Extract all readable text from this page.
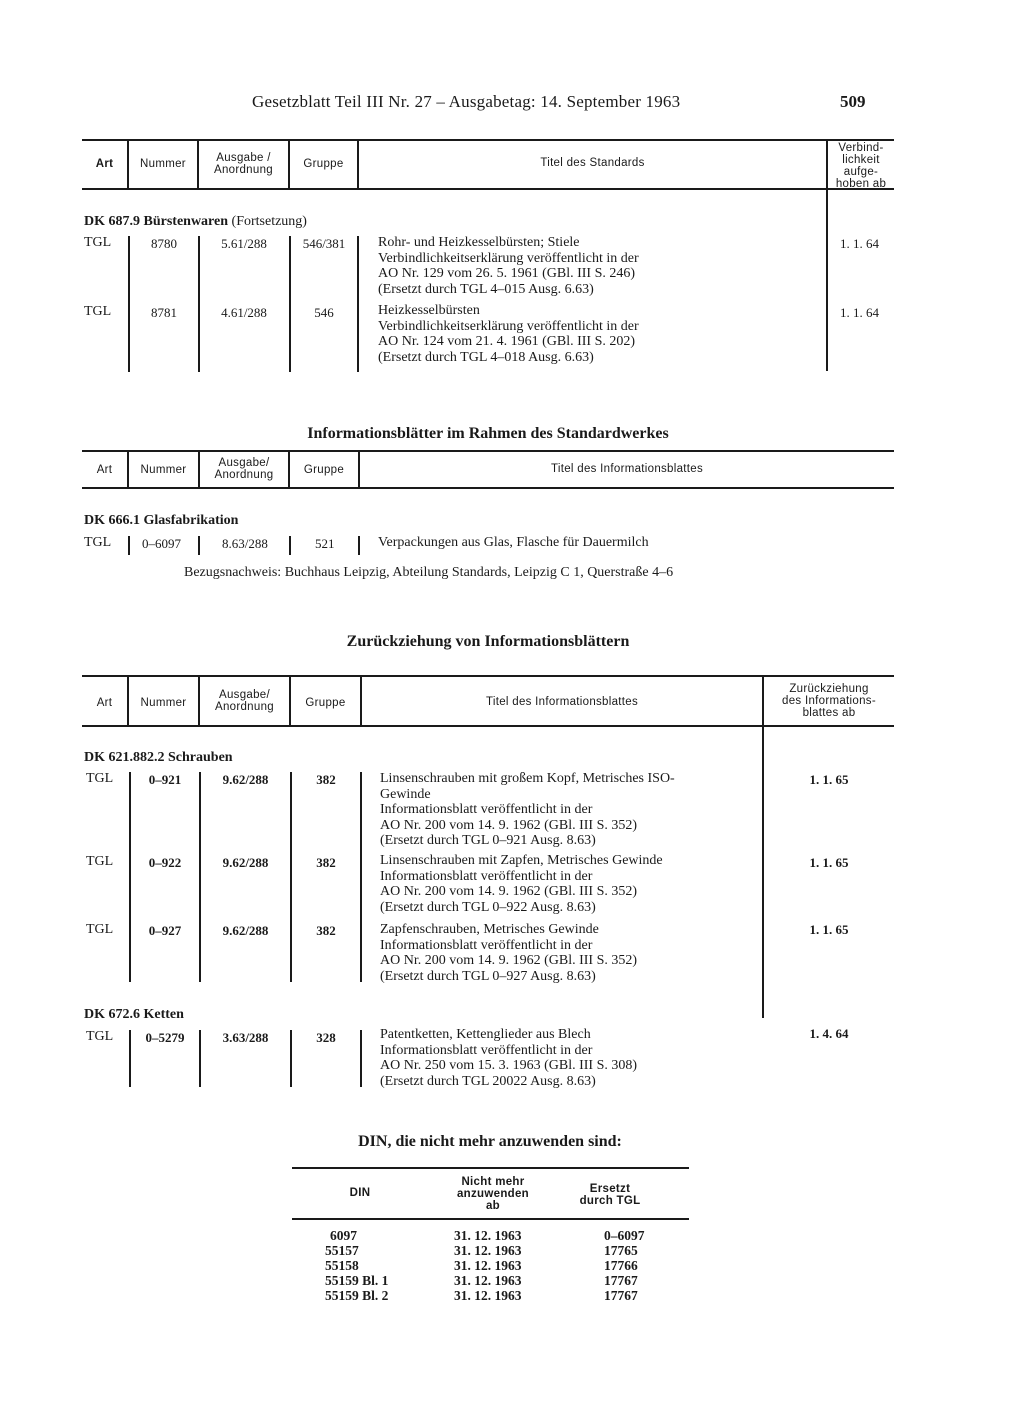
Gesetzblatt Teil III Nr. 27 – Ausgabetag: 14. September 1963	509
Art	Nummer	Ausgabe /
Anordnung	Gruppe	Titel des Standards
Verbind-
lichkeit
aufge-
hoben ab
DK 687.9 Bürstenwaren (Fortsetzung)
TGL	8780	5.61/288	546/381	Rohr- und Heizkesselbürsten; Stiele
Verbindlichkeitserklärung veröffentlicht in der
AO Nr. 129 vom 26. 5. 1961 (GBl. III S. 246)
(Ersetzt durch TGL 4–015 Ausg. 6.63)
1. 1. 64
TGL	8781	4.61/288	546	Heizkesselbürsten
Verbindlichkeitserklärung veröffentlicht in der
AO Nr. 124 vom 21. 4. 1961 (GBl. III S. 202)
(Ersetzt durch TGL 4–018 Ausg. 6.63)
1. 1. 64
Informationsblätter im Rahmen des Standardwerkes
Art	Nummer
Ausgabe/
Anordnung	Gruppe	Titel des Informationsblattes
DK 666.1 Glasfabrikation
TGL 0–6097	8.63/288	521	Verpackungen aus Glas, Flasche für Dauermilch
Bezugsnachweis: Buchhaus Leipzig, Abteilung Standards, Leipzig C 1, Querstraße 4–6
Zurückziehung von Informationsblättern
Art	Nummer
Ausgabe/
Anordnung	Gruppe	Titel des Informationsblattes
Zurückziehung
des Informations-
blattes ab
DK 621.882.2 Schrauben
TGL	0–921	9.62/288	382	Linsenschrauben mit großem Kopf, Metrisches ISO-
Gewinde
Informationsblatt veröffentlicht in der
AO Nr. 200 vom 14. 9. 1962 (GBl. III S. 352)
(Ersetzt durch TGL 0–921 Ausg. 8.63)
1. 1. 65
TGL	0–922	9.62/288	382	Linsenschrauben mit Zapfen, Metrisches Gewinde
Informationsblatt veröffentlicht in der
AO Nr. 200 vom 14. 9. 1962 (GBl. III S. 352)
(Ersetzt durch TGL 0–922 Ausg. 8.63)
1. 1. 65
TGL	0–927	9.62/288	382	Zapfenschrauben, Metrisches Gewinde
Informationsblatt veröffentlicht in der
AO Nr. 200 vom 14. 9. 1962 (GBl. III S. 352)
(Ersetzt durch TGL 0–927 Ausg. 8.63)
1. 1. 65
DK 672.6 Ketten
TGL	0–5279	3.63/288	328	Patentketten, Kettenglieder aus Blech
Informationsblatt veröffentlicht in der
AO Nr. 250 vom 15. 3. 1963 (GBl. III S. 308)
(Ersetzt durch TGL 20022 Ausg. 8.63)
1. 4. 64
DIN, die nicht mehr anzuwenden sind:
DIN
Nicht mehr
anzuwenden
ab
Ersetzt
durch TGL
6097	31. 12. 1963	0–6097
55157	31. 12. 1963	17765
55158	31. 12. 1963	17766
55159 Bl. 1	31. 12. 1963	17767
55159 Bl. 2	31. 12. 1963	17767
